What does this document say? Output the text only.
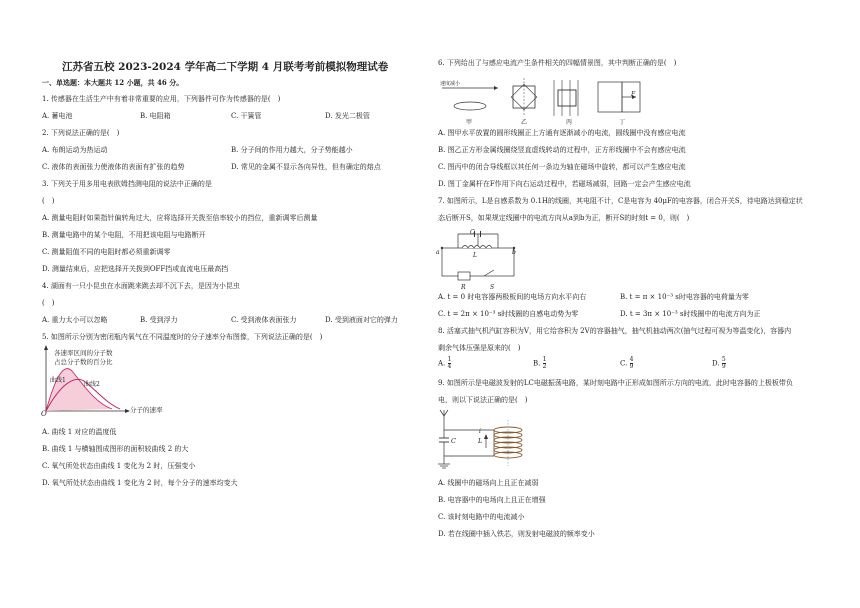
江苏省五校 2023-2024 学年高二下学期 4 月联考考前模拟物理试卷
一、单选题：本大题共 12 小题，共 46 分。
1. 传感器在生活生产中有着非常重要的应用，下列器件可作为传感器的是(　)
A. 蓄电池	B. 电阻箱	C. 干簧管	D. 发光二极管
2. 下列说法正确的是(　)
A. 布朗运动为热运动	B. 分子间的作用力越大，分子势能越小
C. 液体的表面张力使液体的表面有扩张的趋势	D. 常见的金属不显示各向异性，但有确定的熔点
3. 下列关于用多用电表欧姆挡测电阻的说法中正确的是
(　)
A. 测量电阻时如果指针偏转角过大，应将选择开关拨至倍率较小的挡位，重新调零后测量
B. 测量电路中的某个电阻，不用把该电阻与电路断开
C. 测量阻值不同的电阻时都必须重新调零
D. 测量结束后，应把选择开关拨到OFF挡或直流电压最高挡
4. 湖面有一只小昆虫在水面跳来跳去却不沉下去，是因为小昆虫
(　)
A. 重力太小可以忽略	B. 受到浮力	C. 受到液体表面张力	D. 受到液面对它的弹力
5. 如图所示分别为密闭瓶内氧气在不同温度时的分子速率分布图像，下列说法正确的是(　)
各速率区间的分子数
占总分子数的百分比
曲线1
曲线2
O	分子的速率
A. 曲线 1 对应的温度低
B. 曲线 1 与横轴围成图形的面积较曲线 2 的大
C. 氧气所处状态由曲线 1 变化为 2 时，压强变小
D. 氧气所处状态由曲线 1 变化为 2 时，每个分子的速率均变大
6. 下列给出了与感应电流产生条件相关的四幅情景图，其中判断正确的是(　)
速度减小
甲	乙	丙
F
丁
A. 图甲水平放置的圆形线圈正上方通有逐渐减小的电流，圆线圈中没有感应电流
B. 图乙正方形金属线圈绕竖直虚线转动的过程中，正方形线圈中不会有感应电流
C. 图丙中的闭合导线框以其任何一条边为轴在磁场中旋转，都可以产生感应电流
D. 图丁金属杆在F作用下向右运动过程中，若磁场减弱，回路一定会产生感应电流
7. 如图所示，L是自感系数为 0.1H的线圈，其电阻不计，C是电容为 40μF的电容器，闭合开关S，待电路达到稳定状
态后断开S，如果规定线圈中的电流方向从a到b为正，断开S的时刻t = 0，则(　)
C
L
a	b
R	S
A. t = 0 时电容器两极板间的电场方向水平向右	B. t = π × 10⁻³ s时电容器的电荷量为零
C. t = 2π × 10⁻³ s时线圈的自感电动势为零	D. t = 3π × 10⁻³ s时线圈中的电流方向为正
8. 活塞式抽气机汽缸容积为V，用它给容积为 2V的容器抽气，抽气机抽动两次(抽气过程可视为等温变化)，容器内
剩余气体压强是原来的(　)
A. $\frac{1}{4}$	B. $\frac{1}{2}$	C. $\frac{4}{9}$	D. $\frac{5}{9}$
9. 如图所示是电磁波发射的LC电磁振荡电路，某时刻电路中正形成如图所示方向的电流，此时电容器的上极板带负
电，则以下说法正确的是(　)
C	L
i
A. 线圈中的磁场向上且正在减弱
B. 电容器中的电场向上且正在增强
C. 该时刻电路中的电流减小
D. 若在线圈中插入铁芯，则发射电磁波的频率变小
